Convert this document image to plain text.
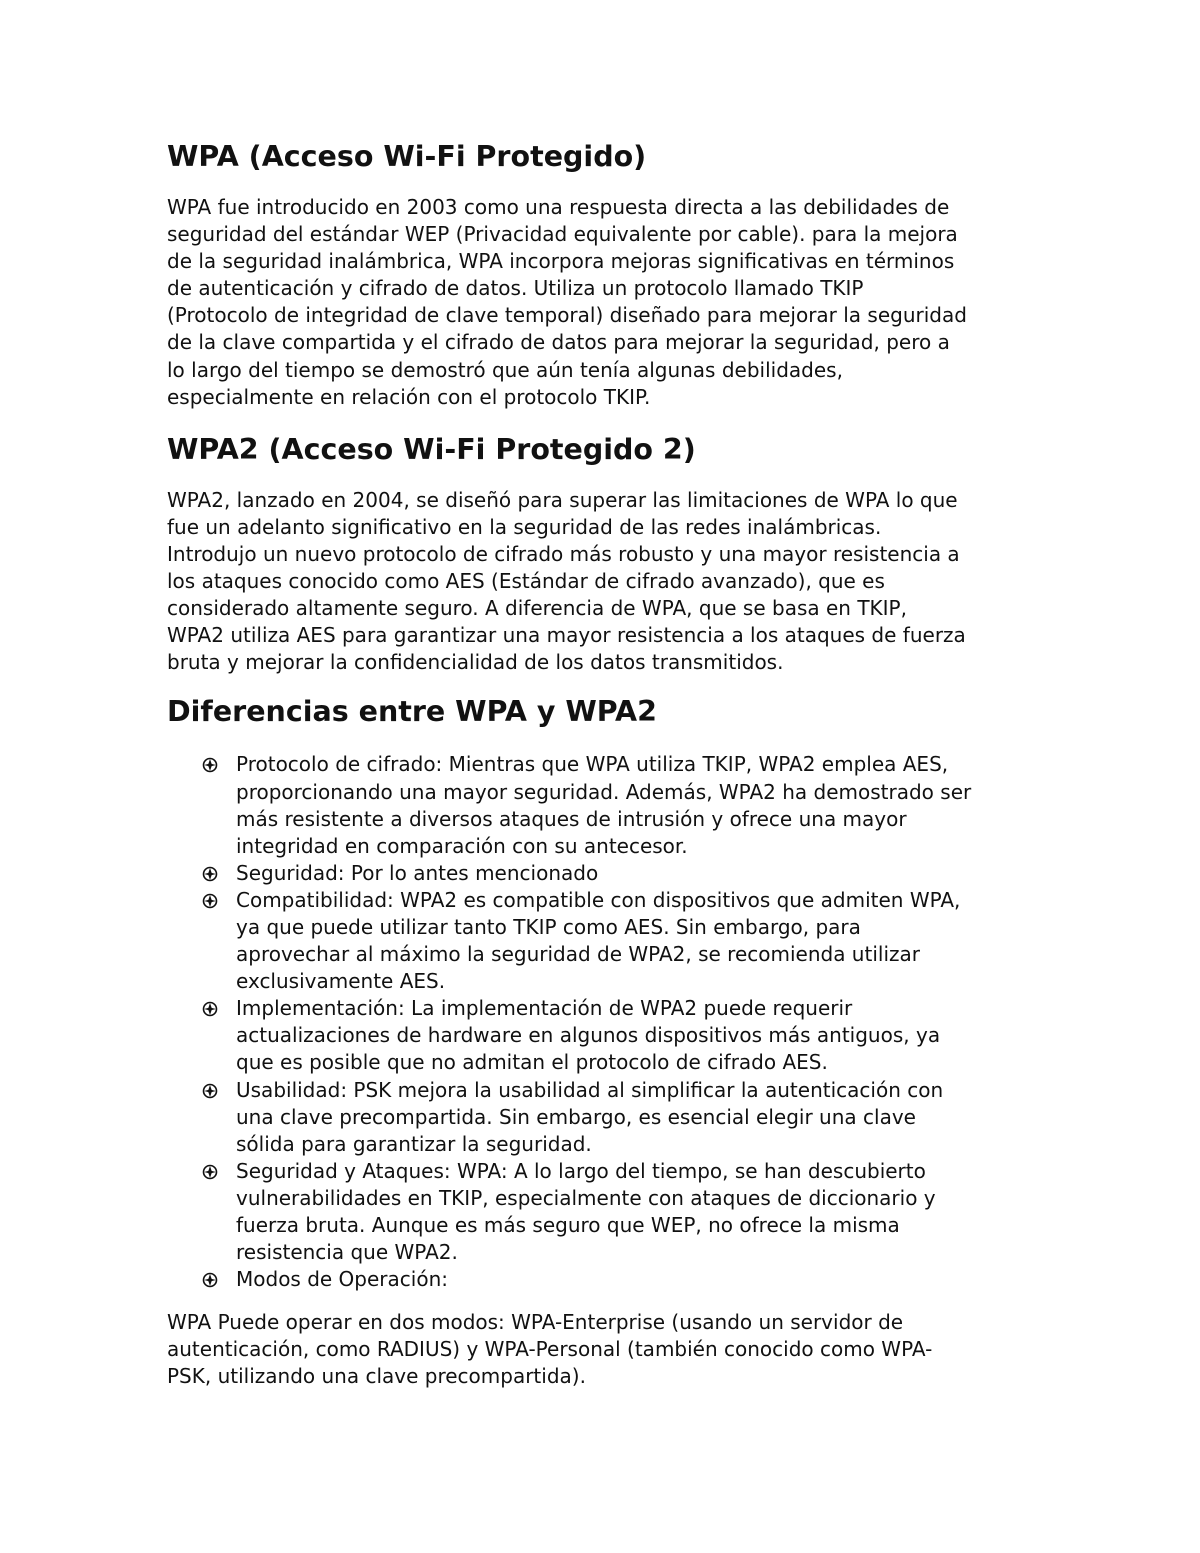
WPA (Acceso Wi-Fi Protegido)

WPA fue introducido en 2003 como una respuesta directa a las debilidades de
seguridad del estándar WEP (Privacidad equivalente por cable). para la mejora
de la seguridad inalámbrica, WPA incorpora mejoras significativas en términos
de autenticación y cifrado de datos. Utiliza un protocolo llamado TKIP
(Protocolo de integridad de clave temporal) diseñado para mejorar la seguridad
de la clave compartida y el cifrado de datos para mejorar la seguridad, pero a
lo largo del tiempo se demostró que aún tenía algunas debilidades,
especialmente en relación con el protocolo TKIP.

WPA2 (Acceso Wi-Fi Protegido 2)

WPA2, lanzado en 2004, se diseñó para superar las limitaciones de WPA lo que
fue un adelanto significativo en la seguridad de las redes inalámbricas.
Introdujo un nuevo protocolo de cifrado más robusto y una mayor resistencia a
los ataques conocido como AES (Estándar de cifrado avanzado), que es
considerado altamente seguro. A diferencia de WPA, que se basa en TKIP,
WPA2 utiliza AES para garantizar una mayor resistencia a los ataques de fuerza
bruta y mejorar la confidencialidad de los datos transmitidos.

Diferencias entre WPA y WPA2
Protocolo de cifrado: Mientras que WPA utiliza TKIP, WPA2 emplea AES,
proporcionando una mayor seguridad. Además, WPA2 ha demostrado ser
más resistente a diversos ataques de intrusión y ofrece una mayor
integridad en comparación con su antecesor.
Seguridad: Por lo antes mencionado
Compatibilidad: WPA2 es compatible con dispositivos que admiten WPA,
ya que puede utilizar tanto TKIP como AES. Sin embargo, para
aprovechar al máximo la seguridad de WPA2, se recomienda utilizar
exclusivamente AES.
Implementación: La implementación de WPA2 puede requerir
actualizaciones de hardware en algunos dispositivos más antiguos, ya
que es posible que no admitan el protocolo de cifrado AES.
Usabilidad: PSK mejora la usabilidad al simplificar la autenticación con
una clave precompartida. Sin embargo, es esencial elegir una clave
sólida para garantizar la seguridad.
Seguridad y Ataques: WPA: A lo largo del tiempo, se han descubierto
vulnerabilidades en TKIP, especialmente con ataques de diccionario y
fuerza bruta. Aunque es más seguro que WEP, no ofrece la misma
resistencia que WPA2.
Modos de Operación:

WPA Puede operar en dos modos: WPA-Enterprise (usando un servidor de
autenticación, como RADIUS) y WPA-Personal (también conocido como WPA-
PSK, utilizando una clave precompartida).
